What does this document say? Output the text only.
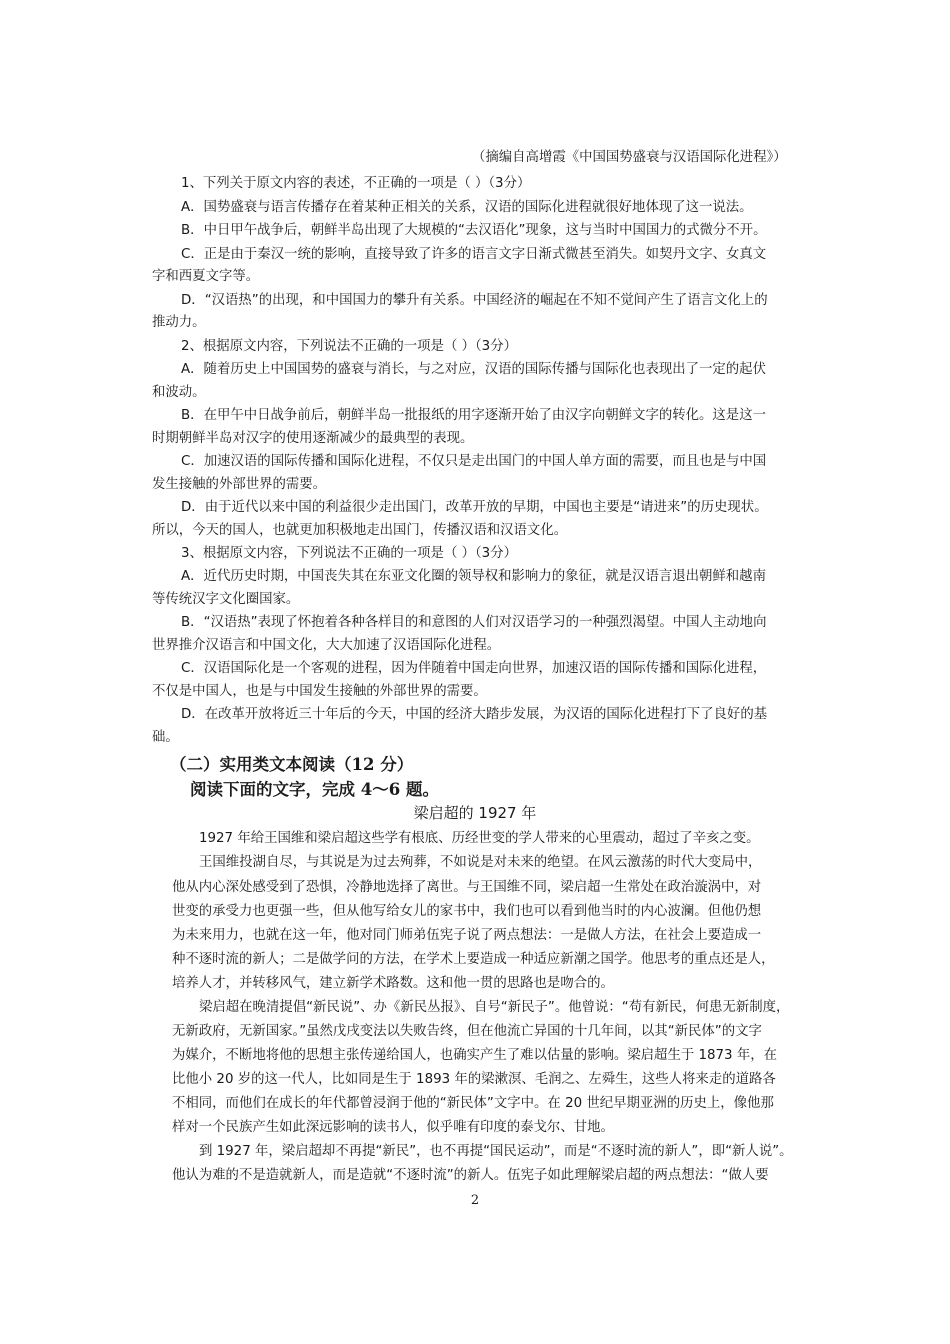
（摘编自高增霞《中国国势盛衰与汉语国际化进程》）
1、下列关于原文内容的表述，不正确的一项是（ ）（3分）
A．国势盛衰与语言传播存在着某种正相关的关系，汉语的国际化进程就很好地体现了这一说法。
B．中日甲午战争后，朝鲜半岛出现了大规模的“去汉语化”现象，这与当时中国国力的式微分不开。
C．正是由于秦汉一统的影响，直接导致了许多的语言文字日渐式微甚至消失。如契丹文字、女真文
字和西夏文字等。
D．“汉语热”的出现，和中国国力的攀升有关系。中国经济的崛起在不知不觉间产生了语言文化上的
推动力。
2、根据原文内容，下列说法不正确的一项是（ ）（3分）
A．随着历史上中国国势的盛衰与消长，与之对应，汉语的国际传播与国际化也表现出了一定的起伏
和波动。
B．在甲午中日战争前后，朝鲜半岛一批报纸的用字逐渐开始了由汉字向朝鲜文字的转化。这是这一
时期朝鲜半岛对汉字的使用逐渐减少的最典型的表现。
C．加速汉语的国际传播和国际化进程，不仅只是走出国门的中国人单方面的需要，而且也是与中国
发生接触的外部世界的需要。
D．由于近代以来中国的利益很少走出国门，改革开放的早期，中国也主要是“请进来”的历史现状。
所以，今天的国人，也就更加积极地走出国门，传播汉语和汉语文化。
3、根据原文内容，下列说法不正确的一项是（ ）（3分）
A．近代历史时期，中国丧失其在东亚文化圈的领导权和影响力的象征，就是汉语言退出朝鲜和越南
等传统汉字文化圈国家。
B．“汉语热”表现了怀抱着各种各样目的和意图的人们对汉语学习的一种强烈渴望。中国人主动地向
世界推介汉语言和中国文化，大大加速了汉语国际化进程。
C．汉语国际化是一个客观的进程，因为伴随着中国走向世界，加速汉语的国际传播和国际化进程，
不仅是中国人，也是与中国发生接触的外部世界的需要。
D．在改革开放将近三十年后的今天，中国的经济大踏步发展，为汉语的国际化进程打下了良好的基
础。
（二）实用类文本阅读（12 分）
阅读下面的文字，完成 4～6 题。
梁启超的 1927 年
1927 年给王国维和梁启超这些学有根底、历经世变的学人带来的心里震动，超过了辛亥之变。
王国维投湖自尽，与其说是为过去殉葬，不如说是对未来的绝望。在风云激荡的时代大变局中，
他从内心深处感受到了恐惧，冷静地选择了离世。与王国维不同，梁启超一生常处在政治漩涡中，对
世变的承受力也更强一些，但从他写给女儿的家书中，我们也可以看到他当时的内心波澜。但他仍想
为未来用力，也就在这一年，他对同门师弟伍宪子说了两点想法：一是做人方法，在社会上要造成一
种不逐时流的新人；二是做学问的方法，在学术上要造成一种适应新潮之国学。他思考的重点还是人，
培养人才，并转移风气，建立新学术路数。这和他一贯的思路也是吻合的。
梁启超在晚清提倡“新民说”、办《新民丛报》、自号“新民子”。他曾说：“苟有新民，何患无新制度，
无新政府，无新国家。”虽然戊戌变法以失败告终，但在他流亡异国的十几年间，以其“新民体”的文字
为媒介，不断地将他的思想主张传递给国人，也确实产生了难以估量的影响。梁启超生于 1873 年，在
比他小 20 岁的这一代人，比如同是生于 1893 年的梁漱溟、毛润之、左舜生，这些人将来走的道路各
不相同，而他们在成长的年代都曾浸润于他的“新民体”文字中。在 20 世纪早期亚洲的历史上，像他那
样对一个民族产生如此深远影响的读书人，似乎唯有印度的泰戈尔、甘地。
到 1927 年，梁启超却不再提“新民”，也不再提“国民运动”，而是“不逐时流的新人”，即“新人说”。
他认为难的不是造就新人，而是造就“不逐时流”的新人。伍宪子如此理解梁启超的两点想法：“做人要
2
